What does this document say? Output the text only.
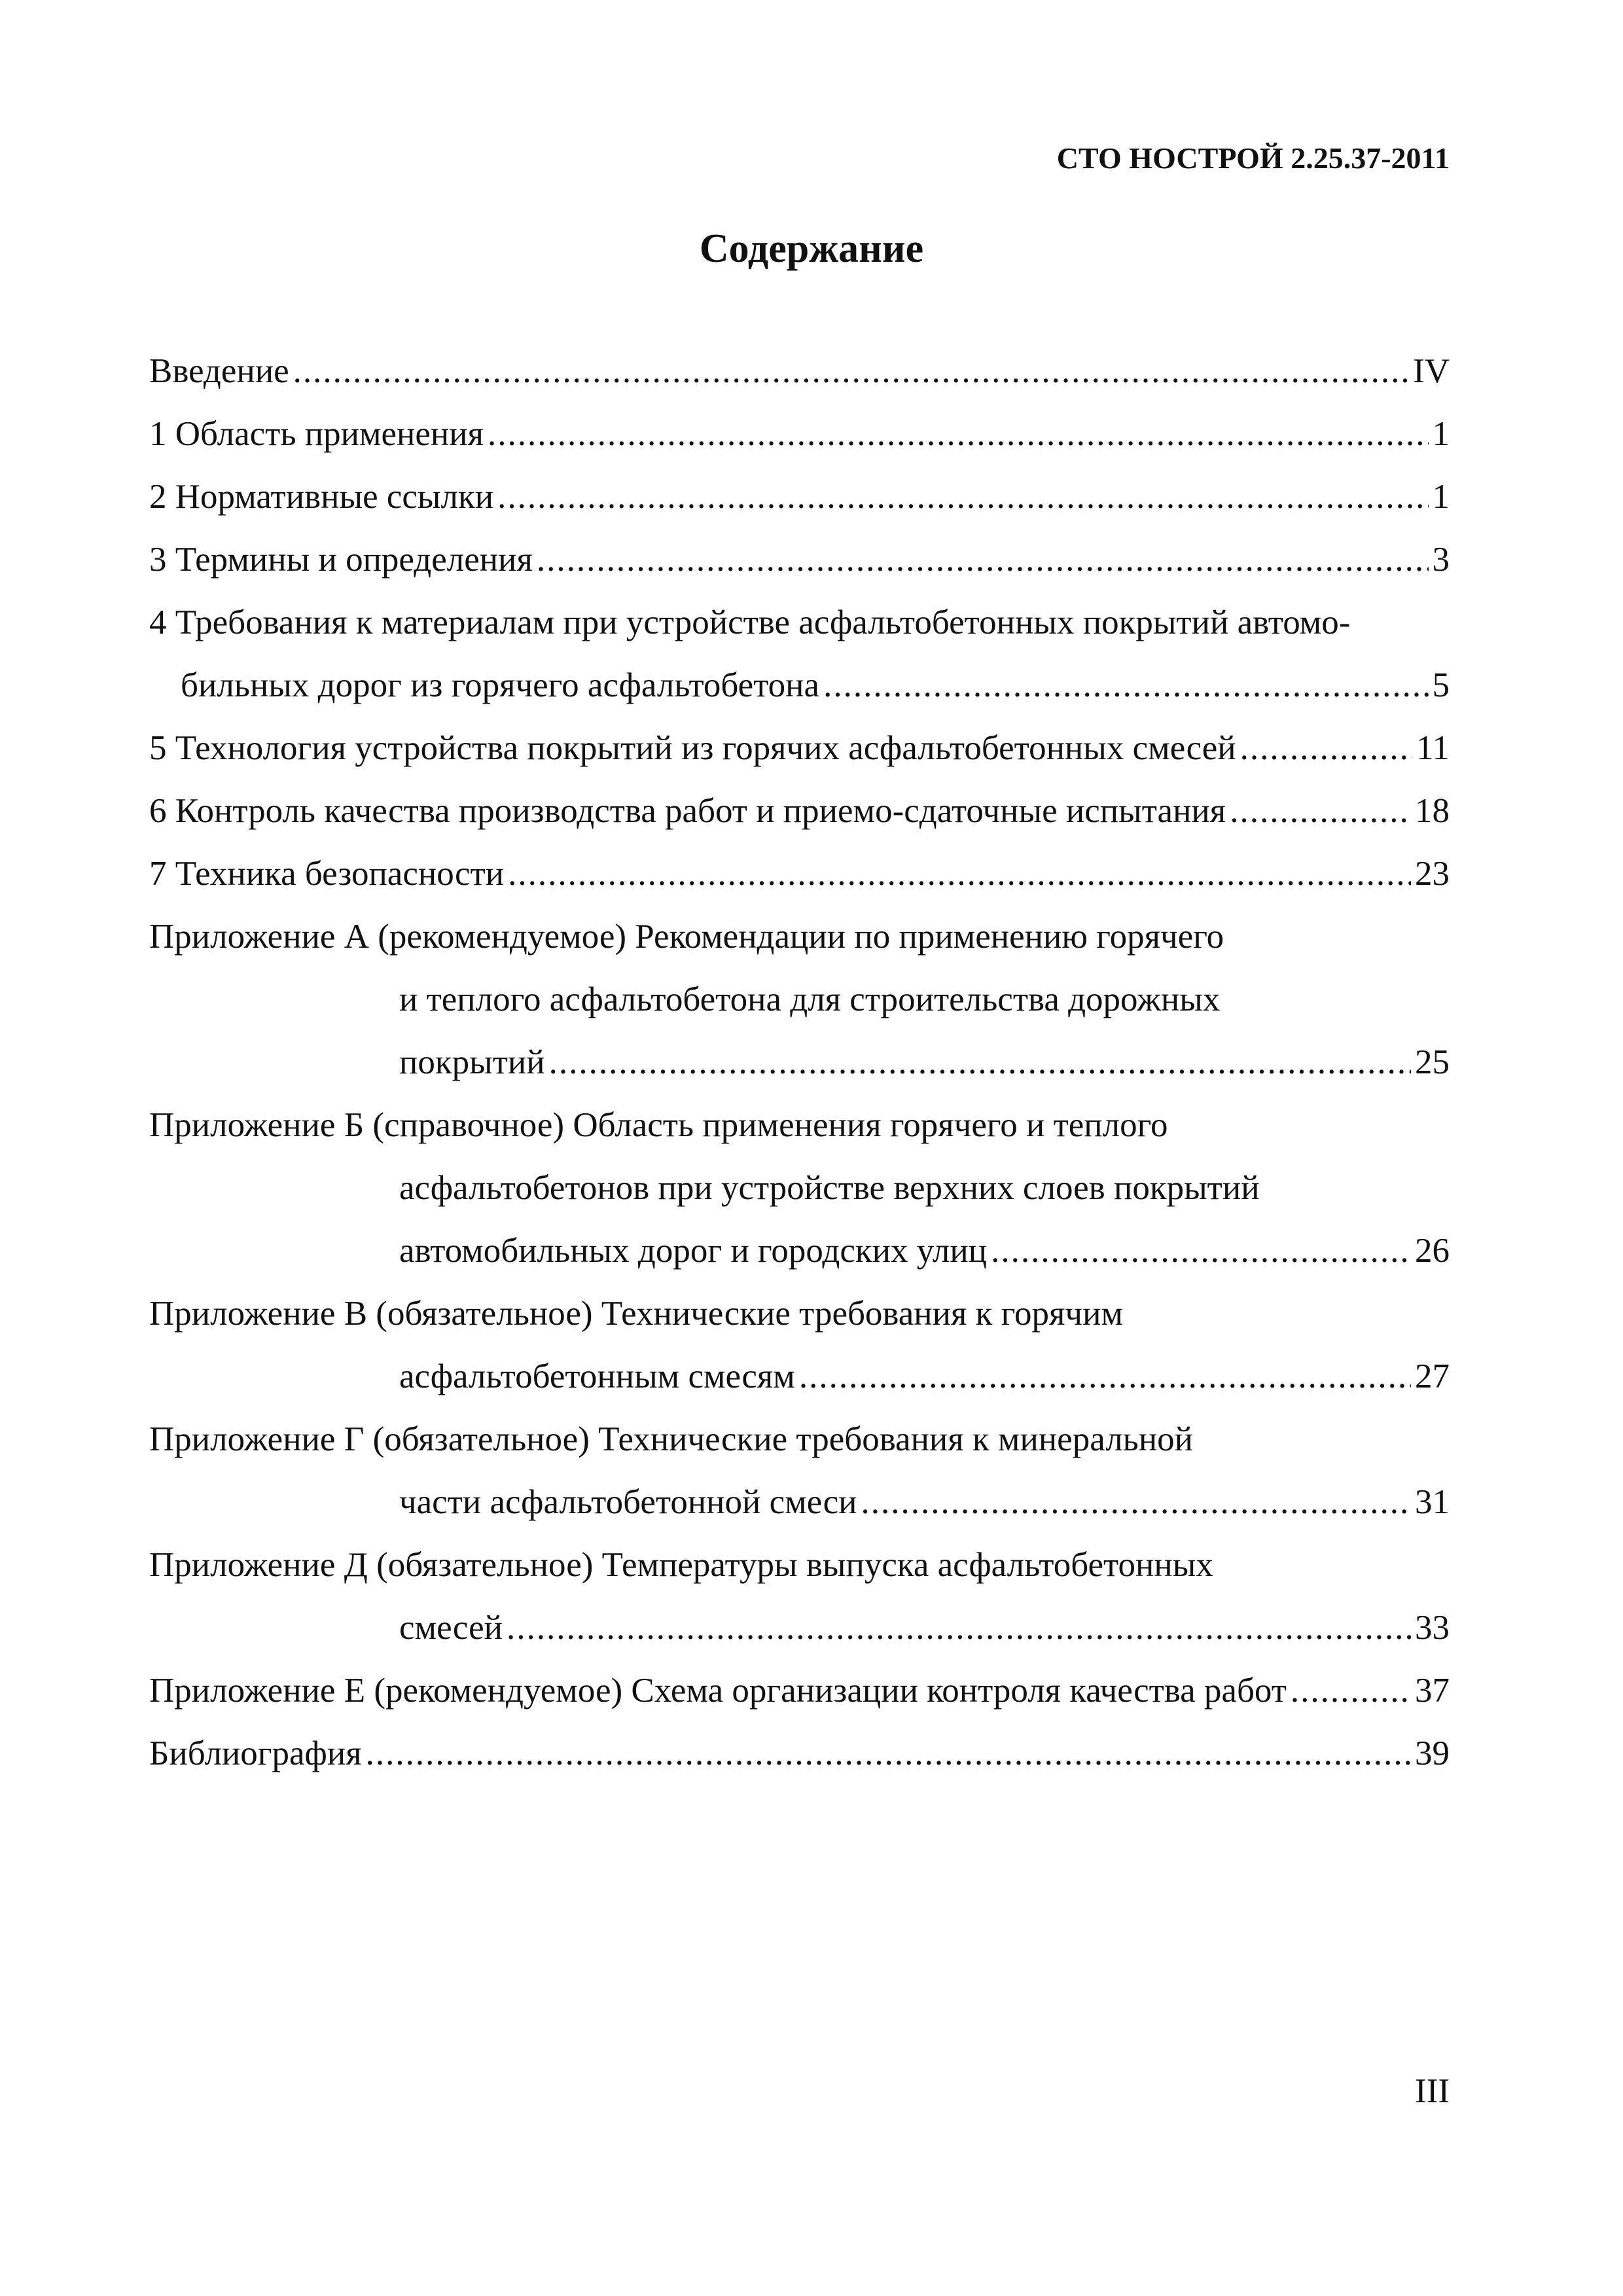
СТО НОСТРОЙ 2.25.37-2011
Содержание
Введение .....	IV
1 Область применения .....	1
2 Нормативные ссылки .....	1
3 Термины и определения .....	3
4 Требования к материалам при устройстве асфальтобетонных покрытий автомо-
бильных дорог из горячего асфальтобетона .....	5
5 Технология устройства покрытий из горячих асфальтобетонных смесей .....	11
6 Контроль качества производства работ и приемо-сдаточные испытания .....	18
7 Техника безопасности .....	23
Приложение А (рекомендуемое) Рекомендации по применению горячего
и теплого асфальтобетона для строительства дорожных
покрытий .....	25
Приложение Б (справочное) Область применения горячего и теплого
асфальтобетонов при устройстве верхних слоев покрытий
автомобильных дорог и городских улиц .....	26
Приложение В (обязательное) Технические требования к горячим
асфальтобетонным смесям .....	27
Приложение Г (обязательное) Технические требования к минеральной
части асфальтобетонной смеси .....	31
Приложение Д (обязательное) Температуры выпуска асфальтобетонных
смесей .....	33
Приложение Е (рекомендуемое) Схема организации контроля качества работ .....	37
Библиография .....	39
III
